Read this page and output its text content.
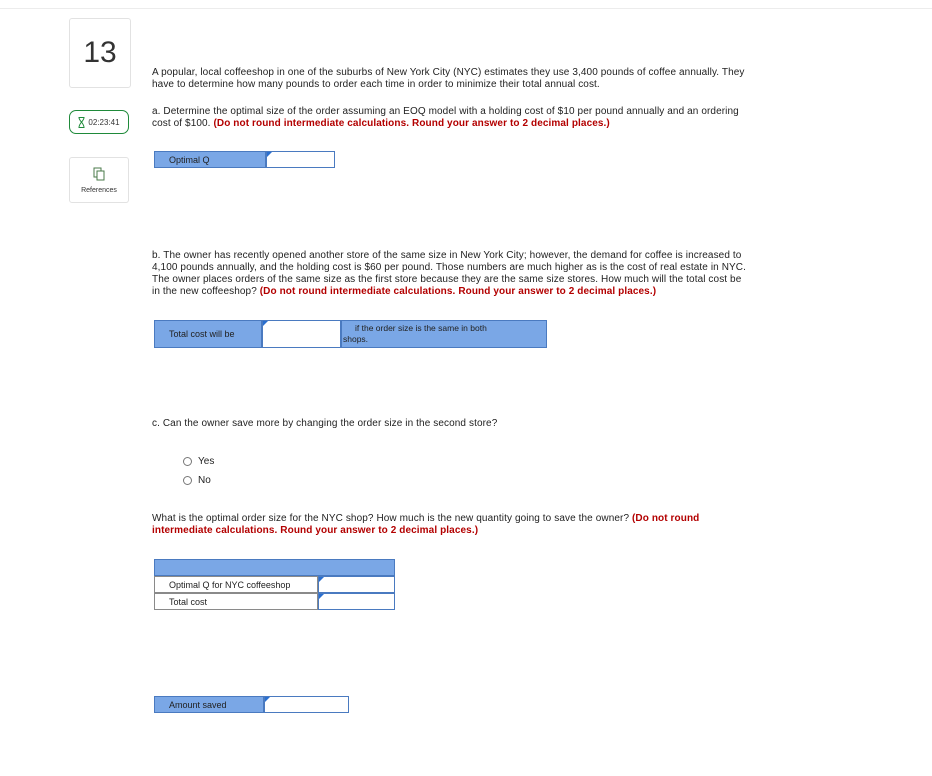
13
02:23:41
References
A popular, local coffeeshop in one of the suburbs of New York City (NYC) estimates they use 3,400 pounds of coffee annually. They
have to determine how many pounds to order each time in order to minimize their total annual cost.
a. Determine the optimal size of the order assuming an EOQ model with a holding cost of $10 per pound annually and an ordering
cost of $100. (Do not round intermediate calculations. Round your answer to 2 decimal places.)
Optimal Q
b. The owner has recently opened another store of the same size in New York City; however, the demand for coffee is increased to
4,100 pounds annually, and the holding cost is $60 per pound. Those numbers are much higher as is the cost of real estate in NYC.
The owner places orders of the same size as the first store because they are the same size stores. How much will the total cost be
in the new coffeeshop? (Do not round intermediate calculations. Round your answer to 2 decimal places.)
Total cost will be
if the order size is the same in both
shops.
c. Can the owner save more by changing the order size in the second store?
Yes
No
What is the optimal order size for the NYC shop? How much is the new quantity going to save the owner? (Do not round
intermediate calculations. Round your answer to 2 decimal places.)
Optimal Q for NYC coffeeshop
Total cost
Amount saved
